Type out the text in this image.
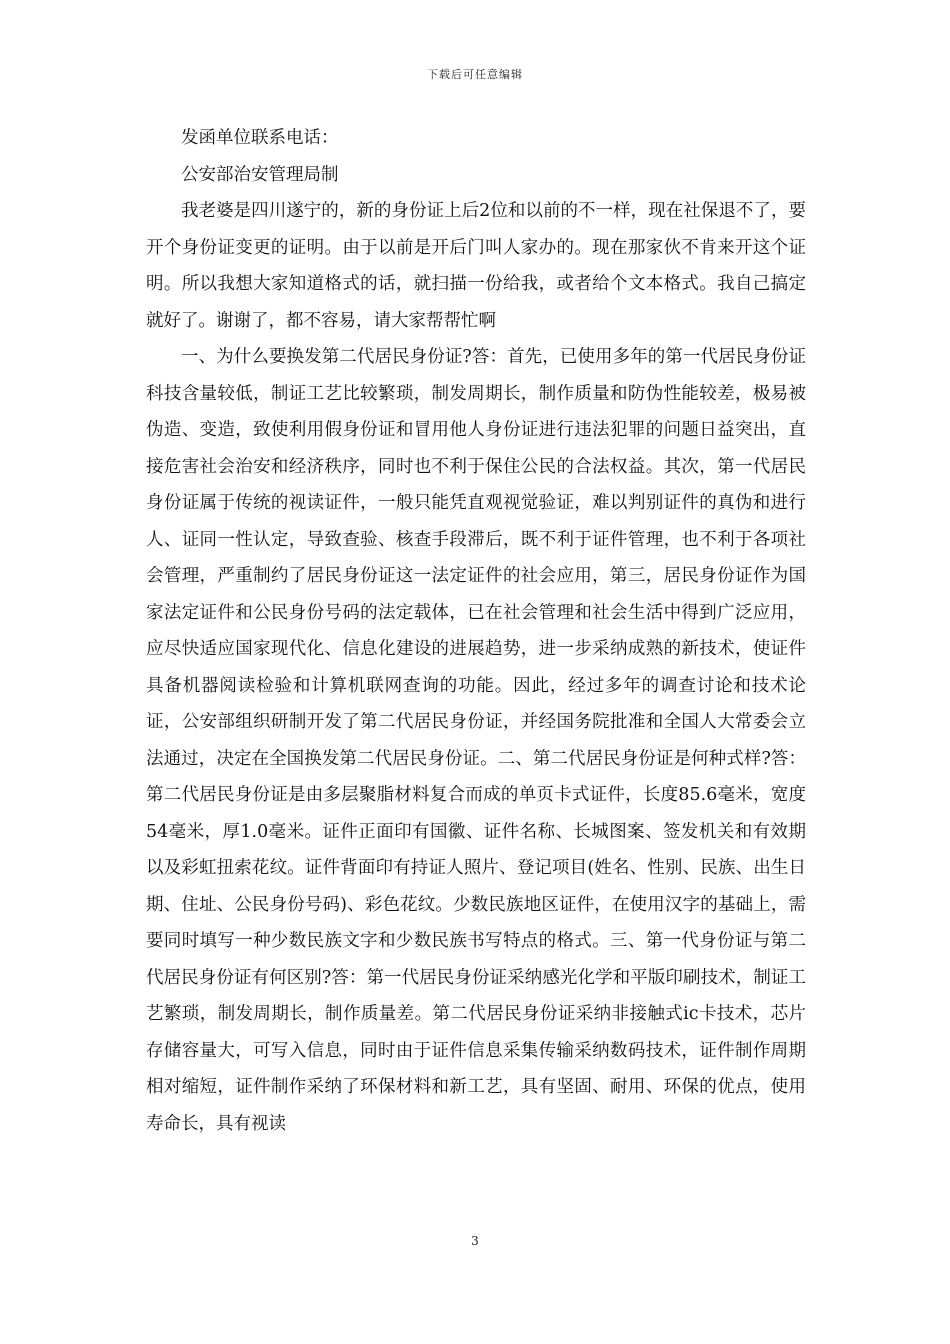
下载后可任意编辑

发函单位联系电话：

公安部治安管理局制

我老婆是四川遂宁的，新的身份证上后2位和以前的不一样，现在社保退不了，要开个身份证变更的证明。由于以前是开后门叫人家办的。现在那家伙不肯来开这个证明。所以我想大家知道格式的话，就扫描一份给我，或者给个文本格式。我自己搞定就好了。谢谢了，都不容易，请大家帮帮忙啊

一、为什么要换发第二代居民身份证?答：首先，已使用多年的第一代居民身份证科技含量较低，制证工艺比较繁琐，制发周期长，制作质量和防伪性能较差，极易被伪造、变造，致使利用假身份证和冒用他人身份证进行违法犯罪的问题日益突出，直接危害社会治安和经济秩序，同时也不利于保住公民的合法权益。其次，第一代居民身份证属于传统的视读证件，一般只能凭直观视觉验证，难以判别证件的真伪和进行人、证同一性认定，导致查验、核查手段滞后，既不利于证件管理，也不利于各项社会管理，严重制约了居民身份证这一法定证件的社会应用，第三，居民身份证作为国家法定证件和公民身份号码的法定载体，已在社会管理和社会生活中得到广泛应用，应尽快适应国家现代化、信息化建设的进展趋势，进一步采纳成熟的新技术，使证件具备机器阅读检验和计算机联网查询的功能。因此，经过多年的调查讨论和技术论证，公安部组织研制开发了第二代居民身份证，并经国务院批准和全国人大常委会立法通过，决定在全国换发第二代居民身份证。二、第二代居民身份证是何种式样?答：第二代居民身份证是由多层聚脂材料复合而成的单页卡式证件，长度85.6毫米，宽度54毫米，厚1.0毫米。证件正面印有国徽、证件名称、长城图案、签发机关和有效期以及彩虹扭索花纹。证件背面印有持证人照片、登记项目(姓名、性别、民族、出生日期、住址、公民身份号码)、彩色花纹。少数民族地区证件，在使用汉字的基础上，需要同时填写一种少数民族文字和少数民族书写特点的格式。三、第一代身份证与第二代居民身份证有何区别?答：第一代居民身份证采纳感光化学和平版印刷技术，制证工艺繁琐，制发周期长，制作质量差。第二代居民身份证采纳非接触式ic卡技术，芯片存储容量大，可写入信息，同时由于证件信息采集传输采纳数码技术，证件制作周期相对缩短，证件制作采纳了环保材料和新工艺，具有坚固、耐用、环保的优点，使用寿命长，具有视读

3
